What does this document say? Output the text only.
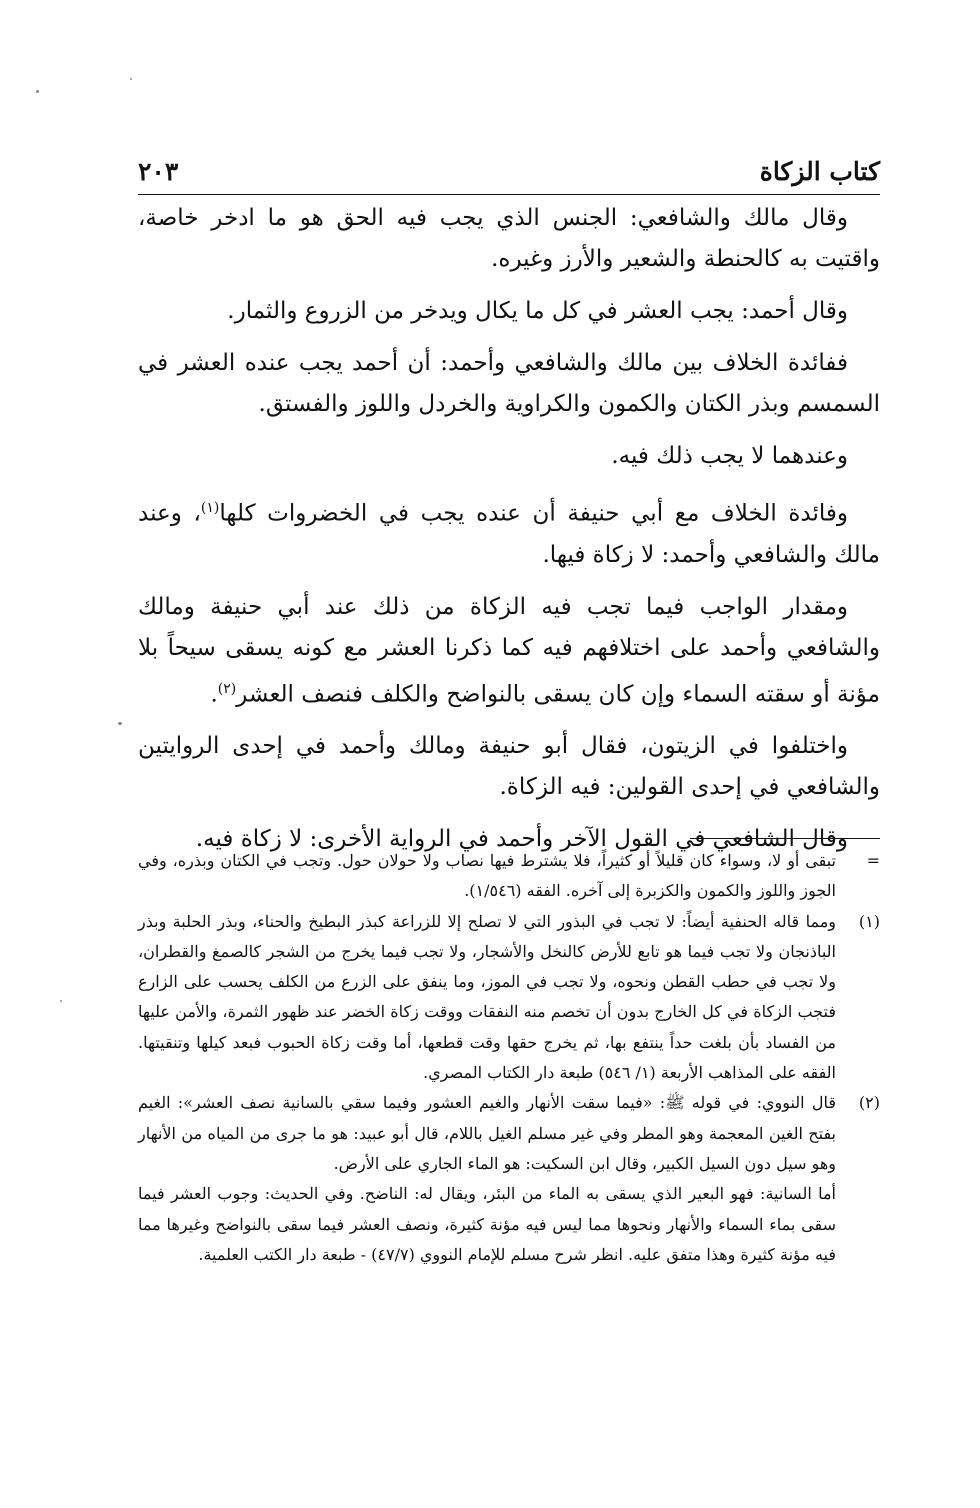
كتاب الزكاة
٢٠٣

وقال مالك والشافعي: الجنس الذي يجب فيه الحق هو ما ادخر خاصة، واقتيت به كالحنطة والشعير والأرز وغيره.

وقال أحمد: يجب العشر في كل ما يكال ويدخر من الزروع والثمار.

ففائدة الخلاف بين مالك والشافعي وأحمد: أن أحمد يجب عنده العشر في السمسم وبذر الكتان والكمون والكراوية والخردل واللوز والفستق.

وعندهما لا يجب ذلك فيه.

وفائدة الخلاف مع أبي حنيفة أن عنده يجب في الخضروات كلها$^{(١)}$، وعند مالك والشافعي وأحمد: لا زكاة فيها.

ومقدار الواجب فيما تجب فيه الزكاة من ذلك عند أبي حنيفة ومالك والشافعي وأحمد على اختلافهم فيه كما ذكرنا العشر مع كونه يسقى سيحاً بلا مؤنة أو سقته السماء وإن كان يسقى بالنواضح والكلف فنصف العشر$^{(٢)}$.

واختلفوا في الزيتون، فقال أبو حنيفة ومالك وأحمد في إحدى الروايتين والشافعي في إحدى القولين: فيه الزكاة.

وقال الشافعي في القول الآخر وأحمد في الرواية الأخرى: لا زكاة فيه.

=

تبقى أو لا، وسواء كان قليلاً أو كثيراً، فلا يشترط فيها نصاب ولا حولان حول. وتجب في الكتان وبذره، وفي الجوز واللوز والكمون والكزبرة إلى آخره. الفقه (١/٥٤٦).

(١)

ومما قاله الحنفية أيضاً: لا تجب في البذور التي لا تصلح إلا للزراعة كبذر البطيخ والحناء، وبذر الحلبة وبذر الباذنجان ولا تجب فيما هو تابع للأرض كالنخل والأشجار، ولا تجب فيما يخرج من الشجر كالصمغ والقطران، ولا تجب في حطب القطن ونحوه، ولا تجب في الموز، وما ينفق على الزرع من الكلف يحسب على الزارع فتجب الزكاة في كل الخارج بدون أن تخصم منه النفقات ووقت زكاة الخضر عند ظهور الثمرة، والأمن عليها من الفساد بأن بلغت حداً ينتفع بها، ثم يخرج حقها وقت قطعها، أما وقت زكاة الحبوب فبعد كيلها وتنقيتها. الفقه على المذاهب الأربعة (١/ ٥٤٦) طبعة دار الكتاب المصري.

(٢)

قال النووي: في قوله ﷺ: «فيما سقت الأنهار والغيم العشور وفيما سقي بالسانية نصف العشر»: الغيم بفتح الغين المعجمة وهو المطر وفي غير مسلم الغيل باللام، قال أبو عبيد: هو ما جرى من المياه من الأنهار وهو سيل دون السيل الكبير، وقال ابن السكيت: هو الماء الجاري على الأرض.

أما السانية: فهو البعير الذي يسقى به الماء من البئر، ويقال له: الناضح. وفي الحديث: وجوب العشر فيما سقى بماء السماء والأنهار ونحوها مما ليس فيه مؤنة كثيرة، ونصف العشر فيما سقى بالنواضح وغيرها مما فيه مؤنة كثيرة وهذا متفق عليه. انظر شرح مسلم للإمام النووي (٤٧/٧) - طبعة دار الكتب العلمية.
